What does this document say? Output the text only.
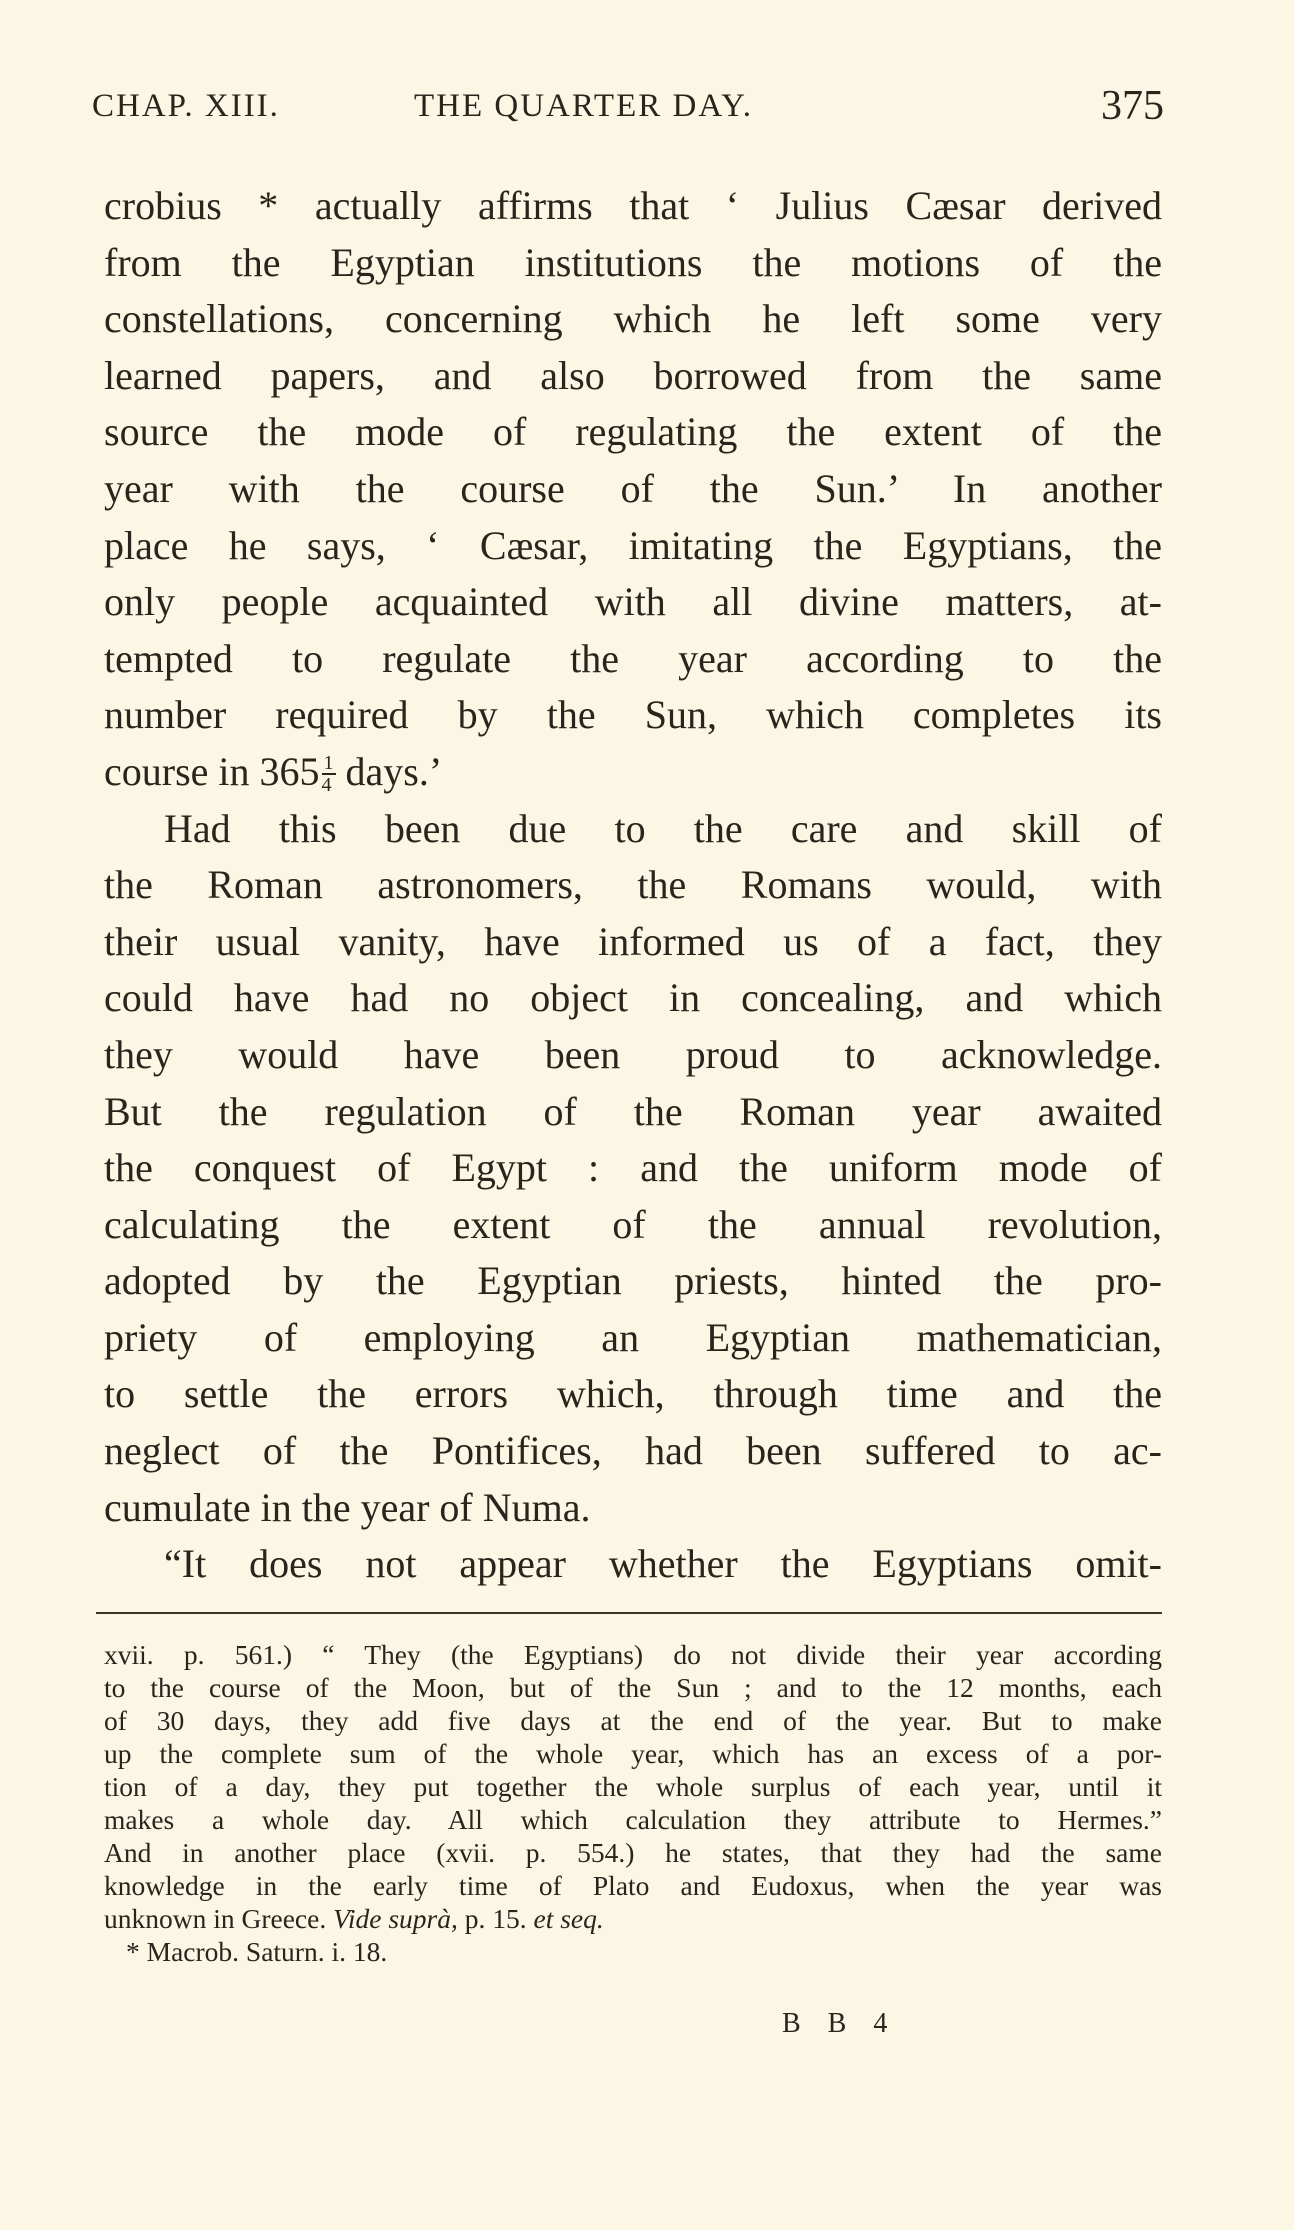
CHAP. XIII.	THE QUARTER DAY.	375
crobius * actually affirms that ‘ Julius Cæsar derived
from the Egyptian institutions the motions of the
constellations, concerning which he left some very
learned papers, and also borrowed from the same
source the mode of regulating the extent of the
year with the course of the Sun.’ In another
place he says, ‘ Cæsar, imitating the Egyptians, the
only people acquainted with all divine matters, at-
tempted to regulate the year according to the
number required by the Sun, which completes its
course in $365 \frac{1}{4}$ days.’
Had this been due to the care and skill of
the Roman astronomers, the Romans would, with
their usual vanity, have informed us of a fact, they
could have had no object in concealing, and which
they would have been proud to acknowledge.
But the regulation of the Roman year awaited
the conquest of Egypt : and the uniform mode of
calculating the extent of the annual revolution,
adopted by the Egyptian priests, hinted the pro-
priety of employing an Egyptian mathematician,
to settle the errors which, through time and the
neglect of the Pontifices, had been suffered to ac-
cumulate in the year of Numa.
“It does not appear whether the Egyptians omit-
xvii. p. 561.) “ They (the Egyptians) do not divide their year according
to the course of the Moon, but of the Sun ; and to the 12 months, each
of 30 days, they add five days at the end of the year. But to make
up the complete sum of the whole year, which has an excess of a por-
tion of a day, they put together the whole surplus of each year, until it
makes a whole day. All which calculation they attribute to Hermes.”
And in another place (xvii. p. 554.) he states, that they had the same
knowledge in the early time of Plato and Eudoxus, when the year was
unknown in Greece. Vide suprà, p. 15. et seq.
* Macrob. Saturn. i. 18.
B B 4
